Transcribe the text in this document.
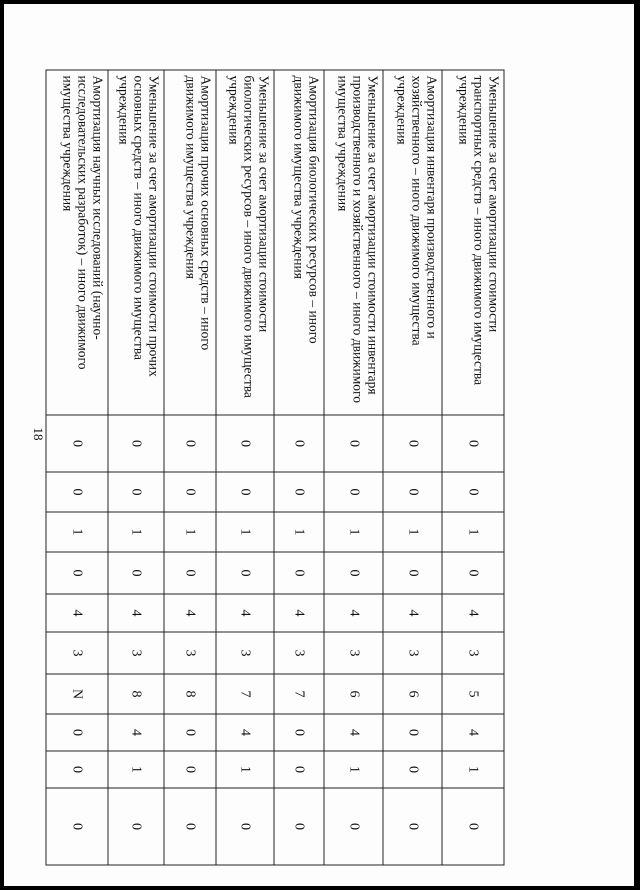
18
Уменьшение за счет амортизации стоимости транспортных средств – иного движимого имущества учреждения	0	0	1	0	4	3	5	4	1	0
Амортизация инвентаря производственного и хозяйственного – иного движимого имущества учреждения	0	0	1	0	4	3	6	0	0	0
Уменьшение за счет амортизации стоимости инвентаря производственного и хозяйственного – иного движимого имущества учреждения	0	0	1	0	4	3	6	4	1	0
Амортизация биологических ресурсов – иного движимого имущества учреждения	0	0	1	0	4	3	7	0	0	0
Уменьшение за счет амортизации стоимости биологических ресурсов – иного движимого имущества учреждения	0	0	1	0	4	3	7	4	1	0
Амортизация прочих основных средств – иного движимого имущества учреждения	0	0	1	0	4	3	8	0	0	0
Уменьшение за счет амортизации стоимости прочих основных средств – иного движимого имущества учреждения	0	0	1	0	4	3	8	4	1	0
Амортизация научных исследований (научно-исследовательских разработок) – иного движимого имущества учреждения	0	0	1	0	4	3	N	0	0	0
